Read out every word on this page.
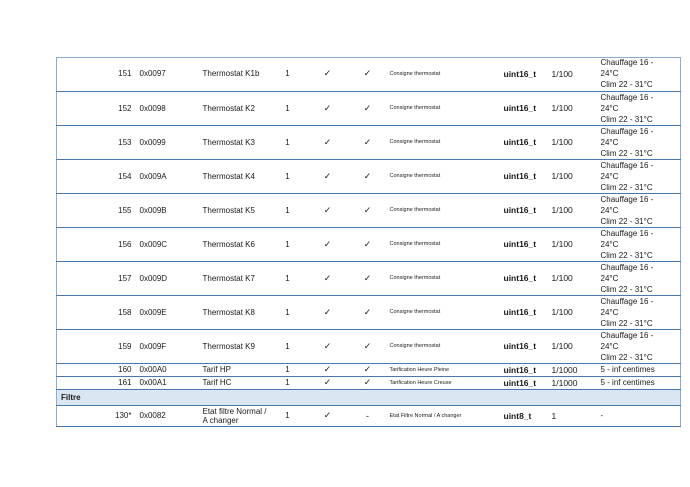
151	0x0097	Thermostat K1b	1	✓	✓	Consigne thermostat	uint16_t	1/100	Chauffage 16 -
24°C
Clim 22 - 31°C

152	0x0098	Thermostat K2	1	✓	✓	Consigne thermostat	uint16_t	1/100	Chauffage 16 -
24°C
Clim 22 - 31°C

153	0x0099	Thermostat K3	1	✓	✓	Consigne thermostat	uint16_t	1/100	Chauffage 16 -
24°C
Clim 22 - 31°C

154	0x009A	Thermostat K4	1	✓	✓	Consigne thermostat	uint16_t	1/100	Chauffage 16 -
24°C
Clim 22 - 31°C

155	0x009B	Thermostat K5	1	✓	✓	Consigne thermostat	uint16_t	1/100	Chauffage 16 -
24°C
Clim 22 - 31°C

156	0x009C	Thermostat K6	1	✓	✓	Consigne thermostat	uint16_t	1/100	Chauffage 16 -
24°C
Clim 22 - 31°C

157	0x009D	Thermostat K7	1	✓	✓	Consigne thermostat	uint16_t	1/100	Chauffage 16 -
24°C
Clim 22 - 31°C

158	0x009E	Thermostat K8	1	✓	✓	Consigne thermostat	uint16_t	1/100	Chauffage 16 -
24°C
Clim 22 - 31°C

159	0x009F	Thermostat K9	1	✓	✓	Consigne thermostat	uint16_t	1/100	Chauffage 16 -
24°C
Clim 22 - 31°C

160	0x00A0	Tarif HP	1	✓	✓	Tarification Heure Pleine	uint16_t	1/1000	5 - inf centimes
161	0x00A1	Tarif HC	1	✓	✓	Tarification Heure Creuse	uint16_t	1/1000	5 - inf centimes
Filtre									
130*	0x0082	Etat filtre Normal / A changer	1	✓	-	Etat Filtre Normal / A changer	uint8_t	1	-
